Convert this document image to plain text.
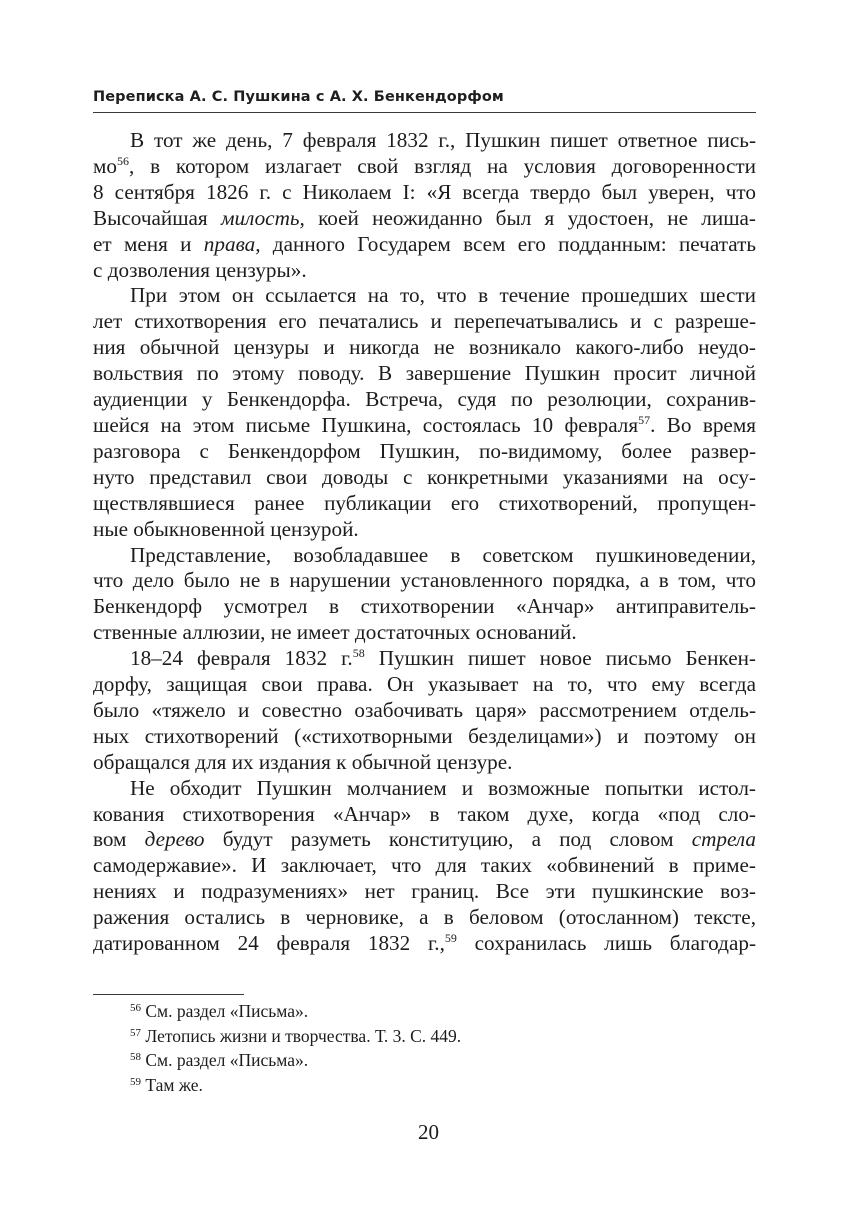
Переписка А. С. Пушкина с А. Х. Бенкендорфом
В тот же день, 7 февраля 1832 г., Пушкин пишет ответное пись-
$мо^{56}$, в котором излагает свой взгляд на условия договоренности
8 сентября 1826 г. с Николаем I: «Я всегда твердо был уверен, что
Высочайшая милость, коей неожиданно был я удостоен, не лиша-
ет меня и права, данного Государем всем его подданным: печатать
с дозволения цензуры».
При этом он ссылается на то, что в течение прошедших шести
лет стихотворения его печатались и перепечатывались и с разреше-
ния обычной цензуры и никогда не возникало какого-либо неудо-
вольствия по этому поводу. В завершение Пушкин просит личной
аудиенции у Бенкендорфа. Встреча, судя по резолюции, сохранив-
шейся на этом письме Пушкина, состоялась 10 февраля$^{57}$. Во время
разговора с Бенкендорфом Пушкин, по-видимому, более развер-
нуто представил свои доводы с конкретными указаниями на осу-
ществлявшиеся ранее публикации его стихотворений, пропущен-
ные обыкновенной цензурой.
Представление, возобладавшее в советском пушкиноведении,
что дело было не в нарушении установленного порядка, а в том, что
Бенкендорф усмотрел в стихотворении «Анчар» антиправитель-
ственные аллюзии, не имеет достаточных оснований.
18–24 февраля 1832 г.$^{58}$ Пушкин пишет новое письмо Бенкен-
дорфу, защищая свои права. Он указывает на то, что ему всегда
было «тяжело и совестно озабочивать царя» рассмотрением отдель-
ных стихотворений («стихотворными безделицами») и поэтому он
обращался для их издания к обычной цензуре.
Не обходит Пушкин молчанием и возможные попытки истол-
кования стихотворения «Анчар» в таком духе, когда «под сло-
вом дерево будут разуметь конституцию, а под словом стрела
самодержавие». И заключает, что для таких «обвинений в приме-
нениях и подразумениях» нет границ. Все эти пушкинские воз-
ражения остались в черновике, а в беловом (отосланном) тексте,
датированном 24 февраля 1832 г.,$^{59}$ сохранилась лишь благодар-
$^{56}$ См. раздел «Письма».
$^{57}$ Летопись жизни и творчества. Т. 3. С. 449.
$^{58}$ См. раздел «Письма».
$^{59}$ Там же.
20
